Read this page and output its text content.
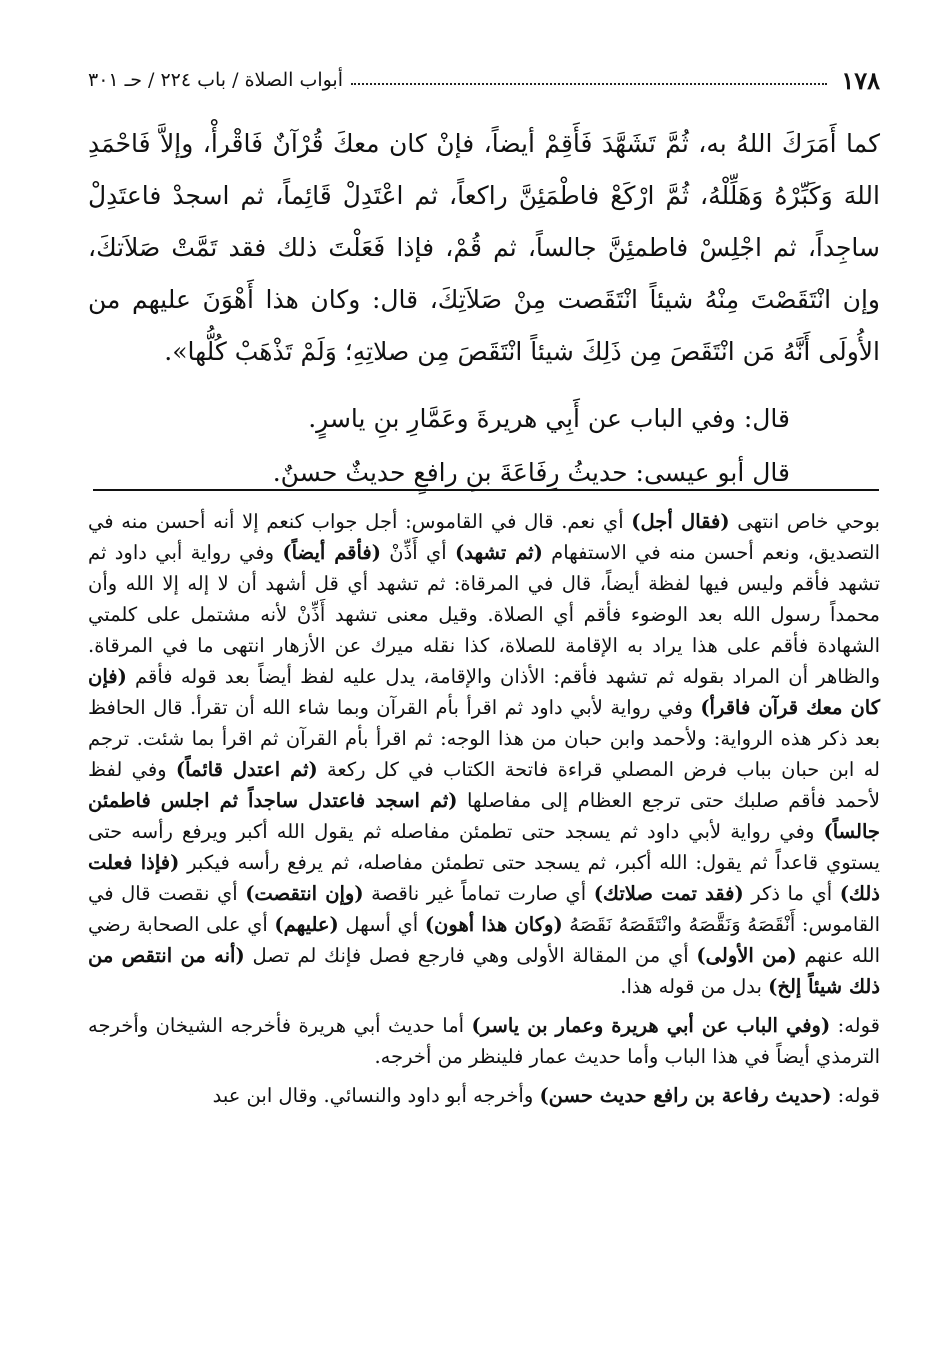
١٧٨
أبواب الصلاة / باب ٢٢٤ / حـ ٣٠١

كما أَمَرَكَ اللهُ به، ثُمَّ تَشَهَّدَ فَأَقِمْ أيضاً، فإنْ كان معكَ قُرْآنٌ فَاقْرأْ، وإلاَّ فَاحْمَدِ اللهَ وَكَبِّرْهُ وَهَلِّلْهُ، ثُمَّ ارْكَعْ فاطْمَئِنَّ راكعاً، ثم اعْتَدِلْ قَائِماً، ثم اسجدْ فاعتَدِلْ ساجِداً، ثم اجْلِسْ فاطمئِنَّ جالساً، ثم قُمْ، فإذا فَعَلْتَ ذلك فقد تَمَّتْ صَلاَتكَ، وإن انْتَقَصْتَ مِنْهُ شيئاً انْتَقَصت مِنْ صَلاَتِكَ، قال: وكان هذا أَهْوَنَ عليهم من الأُولَى أَنَّهُ مَن انْتَقَصَ مِن ذَلِكَ شيئاً انْتَقَصَ مِن صلاتِهِ؛ وَلَمْ تَذْهَبْ كُلُّها».

قال: وفي الباب عن أَبِي هريرةَ وعَمَّارِ بنِ ياسرٍ.

قال أبو عيسى: حديثُ رِفَاعَةَ بنِ رافعٍ حديثٌ حسنٌ.

بوحي خاص انتهى (فقال أجل) أي نعم. قال في القاموس: أجل جواب كنعم إلا أنه أحسن منه في التصديق، ونعم أحسن منه في الاستفهام (ثم تشهد) أي أَذِّنْ (فأقم أيضاً) وفي رواية أبي داود ثم تشهد فأقم وليس فيها لفظة أيضاً، قال في المرقاة: ثم تشهد أي قل أشهد أن لا إله إلا الله وأن محمداً رسول الله بعد الوضوء فأقم أي الصلاة. وقيل معنى تشهد أَذِّنْ لأنه مشتمل على كلمتي الشهادة فأقم على هذا يراد به الإقامة للصلاة، كذا نقله ميرك عن الأزهار انتهى ما في المرقاة. والظاهر أن المراد بقوله ثم تشهد فأقم: الأذان والإقامة، يدل عليه لفظ أيضاً بعد قوله فأقم (فإن كان معك قرآن فاقرأ) وفي رواية لأبي داود ثم اقرأ بأم القرآن وبما شاء الله أن تقرأ. قال الحافظ بعد ذكر هذه الرواية: ولأحمد وابن حبان من هذا الوجه: ثم اقرأ بأم القرآن ثم اقرأ بما شئت. ترجم له ابن حبان بباب فرض المصلي قراءة فاتحة الكتاب في كل ركعة (ثم اعتدل قائماً) وفي لفظ لأحمد فأقم صلبك حتى ترجع العظام إلى مفاصلها (ثم اسجد فاعتدل ساجداً ثم اجلس فاطمئن جالساً) وفي رواية لأبي داود ثم يسجد حتى تطمئن مفاصله ثم يقول الله أكبر ويرفع رأسه حتى يستوي قاعداً ثم يقول: الله أكبر، ثم يسجد حتى تطمئن مفاصله، ثم يرفع رأسه فيكبر (فإذا فعلت ذلك) أي ما ذكر (فقد تمت صلاتك) أي صارت تماماً غير ناقصة (وإن انتقصت) أي نقصت قال في القاموس: أَنْقَصَهُ وَنَقَّصَهُ وانْتَقَصَهُ نَقَصَهُ (وكان هذا أهون) أي أسهل (عليهم) أي على الصحابة رضي الله عنهم (من الأولى) أي من المقالة الأولى وهي فارجع فصل فإنك لم تصل (أنه من انتقص من ذلك شيئاً إلخ) بدل من قوله هذا.

قوله: (وفي الباب عن أبي هريرة وعمار بن ياسر) أما حديث أبي هريرة فأخرجه الشيخان وأخرجه الترمذي أيضاً في هذا الباب وأما حديث عمار فلينظر من أخرجه.

قوله: (حديث رفاعة بن رافع حديث حسن) وأخرجه أبو داود والنسائي. وقال ابن عبد
